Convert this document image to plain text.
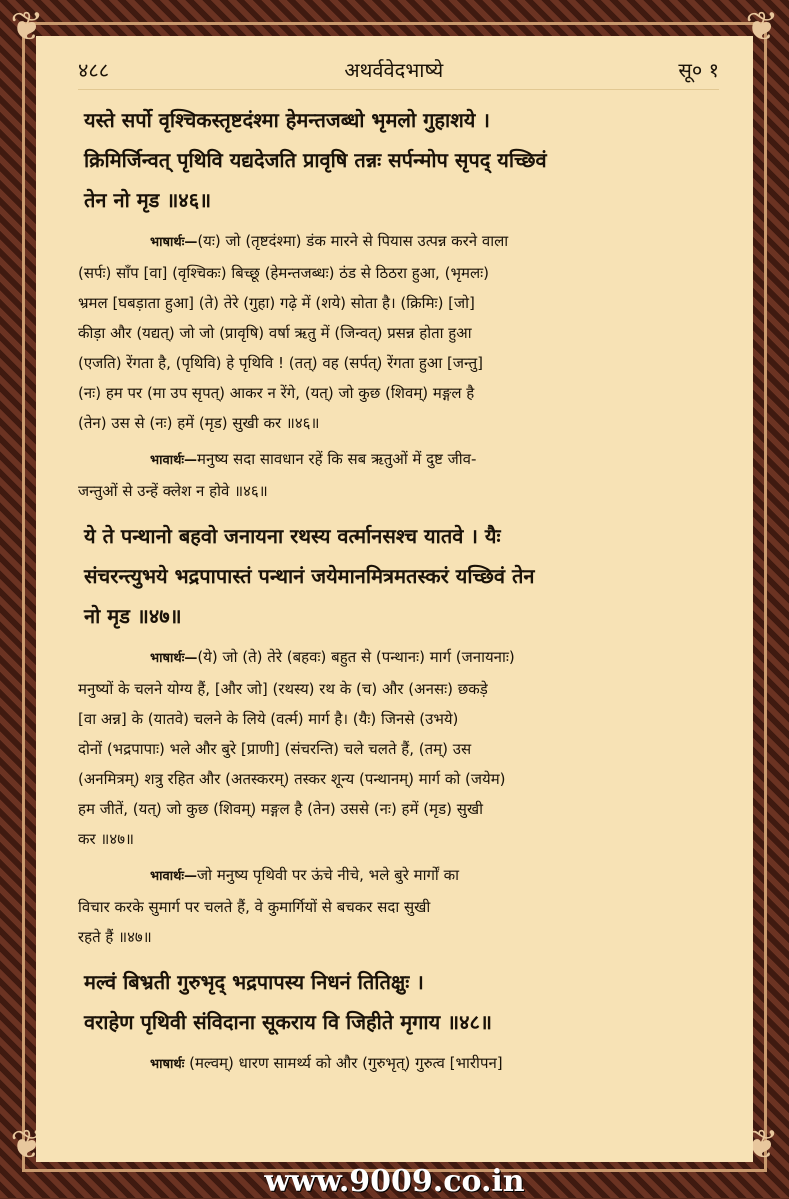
❦	❦
❦	❦
४८८	अथर्ववेदभाष्ये	सू० १
यस्ते सर्पो वृश्चिकस्तृष्टदंश्मा हेमन्तजब्धो भृमलो गुहाशये ।
क्रिमिर्जिन्वत् पृथिवि यद्यदेजति प्रावृषि तन्नः सर्पन्मोप सृपद् यच्छिवं
तेन नो मृड ॥४६॥
भाषार्थः—(यः) जो (तृष्टदंश्मा) डंक मारने से पियास उत्पन्न करने वाला
(सर्पः) साँप [वा] (वृश्चिकः) बिच्छू (हेमन्तजब्धः) ठंड से ठिठरा हुआ, (भृमलः)
भ्रमल [घबड़ाता हुआ] (ते) तेरे (गुहा) गढ़े में (शये) सोता है। (क्रिमिः) [जो]
कीड़ा और (यद्यत्) जो जो (प्रावृषि) वर्षा ऋतु में (जिन्वत्) प्रसन्न होता हुआ
(एजति) रेंगता है, (पृथिवि) हे पृथिवि ! (तत्) वह (सर्पत्) रेंगता हुआ [जन्तु]
(नः) हम पर (मा उप सृपत्) आकर न रेंगे, (यत्) जो कुछ (शिवम्) मङ्गल है
(तेन) उस से (नः) हमें (मृड) सुखी कर ॥४६॥
भावार्थः—मनुष्य सदा सावधान रहें कि सब ऋतुओं में दुष्ट जीव-
जन्तुओं से उन्हें क्लेश न होवे ॥४६॥
ये ते पन्थानो बहवो जनायना रथस्य वर्त्मानसश्च यातवे । यैः
संचरन्त्युभये भद्रपापास्तं पन्थानं जयेमानमित्रमतस्करं यच्छिवं तेन
नो मृड ॥४७॥
भाषार्थः—(ये) जो (ते) तेरे (बहवः) बहुत से (पन्थानः) मार्ग (जनायनाः)
मनुष्यों के चलने योग्य हैं, [और जो] (रथस्य) रथ के (च) और (अनसः) छकड़े
[वा अन्न] के (यातवे) चलने के लिये (वर्त्म) मार्ग है। (यैः) जिनसे (उभये)
दोनों (भद्रपापाः) भले और बुरे [प्राणी] (संचरन्ति) चले चलते हैं, (तम्) उस
(अनमित्रम्) शत्रु रहित और (अतस्करम्) तस्कर शून्य (पन्थानम्) मार्ग को (जयेम)
हम जीतें, (यत्) जो कुछ (शिवम्) मङ्गल है (तेन) उससे (नः) हमें (मृड) सुखी
कर ॥४७॥
भावार्थः—जो मनुष्य पृथिवी पर ऊंचे नीचे, भले बुरे मार्गों का
विचार करके सुमार्ग पर चलते हैं, वे कुमार्गियों से बचकर सदा सुखी
रहते हैं ॥४७॥
मल्वं बिभ्रती गुरुभृद् भद्रपापस्य निधनं तितिक्षुः ।
वराहेण पृथिवी संविदाना सूकराय वि जिहीते मृगाय ॥४८॥
भाषार्थः (मल्वम्) धारण सामर्थ्य को और (गुरुभृत्) गुरुत्व [भारीपन]
www.9009.co.in
